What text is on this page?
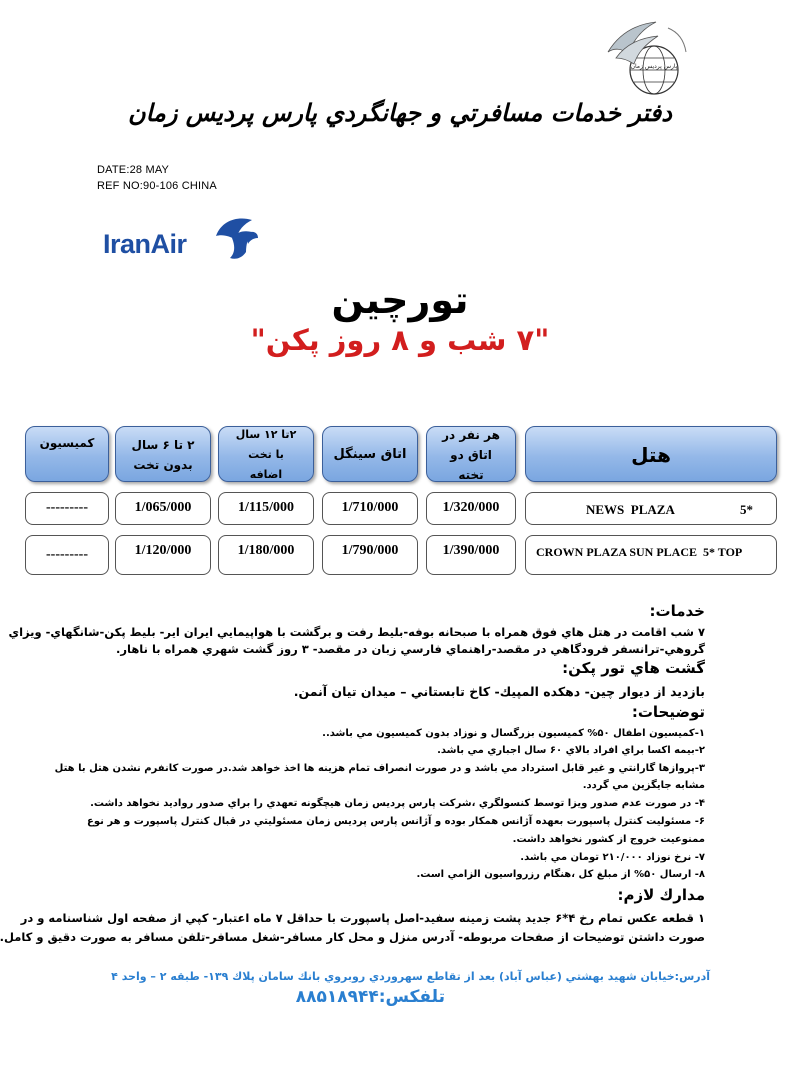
پارس پرديس زمان
دفتر خدمات مسافرتي و جهانگردي پارس پرديس زمان
DATE:28 MAY
REF NO:90-106 CHINA
IranAir
تورچين
"۷ شب و ۸ روز پكن"
هتل
هر نفر در اتاق دو تخته
اتاق سينگل
۲تا ۱۲ سال با تخت اضافه
۲ تا ۶ سال بدون تخت
كميسيون

NEWS  PLAZA

	5*

1/320/000
1/710/000
1/115/000
1/065/000
---------

CROWN PLAZA SUN PLACE  5* TOP

1/390/000
1/790/000
1/180/000
1/120/000
---------
خدمات:
۷ شب اقامت در هتل هاي فوق همراه با صبحانه بوفه-بليط رفت و برگشت با هواپيمايي ايران اير- بليط پكن-شانگهاي- ويزاي
گروهي-ترانسفر فرودگاهي در مقصد-راهنماي فارسي زبان در مقصد- ۳ روز گشت شهري همراه با ناهار.
گشت هاي تور پكن:
بازديد از ديوار چين- دهكده المپيك- كاخ تابستاني – ميدان تيان آنمن.
توضيحات:
۱-كميسيون اطفال ۵۰% كميسيون بزرگسال و نوزاد بدون كميسيون مي باشد..
۲-بيمه اكسا براي افراد بالاي ۶۰ سال اجباري مي باشد.
۳-پروازها گارانتي و غير قابل استرداد مي باشد و در صورت انصراف تمام هزينه ها اخذ خواهد شد.در صورت كانفرم نشدن هتل با هتل
مشابه جايگزين مي گردد.
۴- در صورت عدم صدور ويزا توسط كنسولگري ،شركت پارس پرديس زمان هيچگونه تعهدي را براي صدور رواديد نخواهد داشت.
۶- مسئوليت كنترل پاسپورت بعهده آژانس همكار بوده و آژانس پارس پرديس زمان مسئوليتي در قبال كنترل پاسپورت و هر نوع
ممنوعيت خروج از كشور نخواهد داشت.
۷- نرخ نوزاد ۲۱۰/۰۰۰ تومان مي باشد.
۸- ارسال ۵۰% از مبلغ كل ،هنگام رزرواسيون الزامي است.
مدارك لازم:
۱ قطعه عكس تمام رخ ۴*۶ جديد پشت زمينه سفيد-اصل پاسپورت با حداقل ۷ ماه اعتبار- كپي از صفحه اول شناسنامه و در
صورت داشتن توضيحات از صفحات مربوطه- آدرس منزل و محل كار مسافر-شغل مسافر-تلفن مسافر به صورت دقيق و كامل.
آدرس:خيابان شهيد بهشتي (عباس آباد) بعد از تقاطع سهروردي روبروي بانك سامان پلاك ۱۳۹- طبقه ۲ – واحد ۴
تلفكس:۸۸۵۱۸۹۴۴
